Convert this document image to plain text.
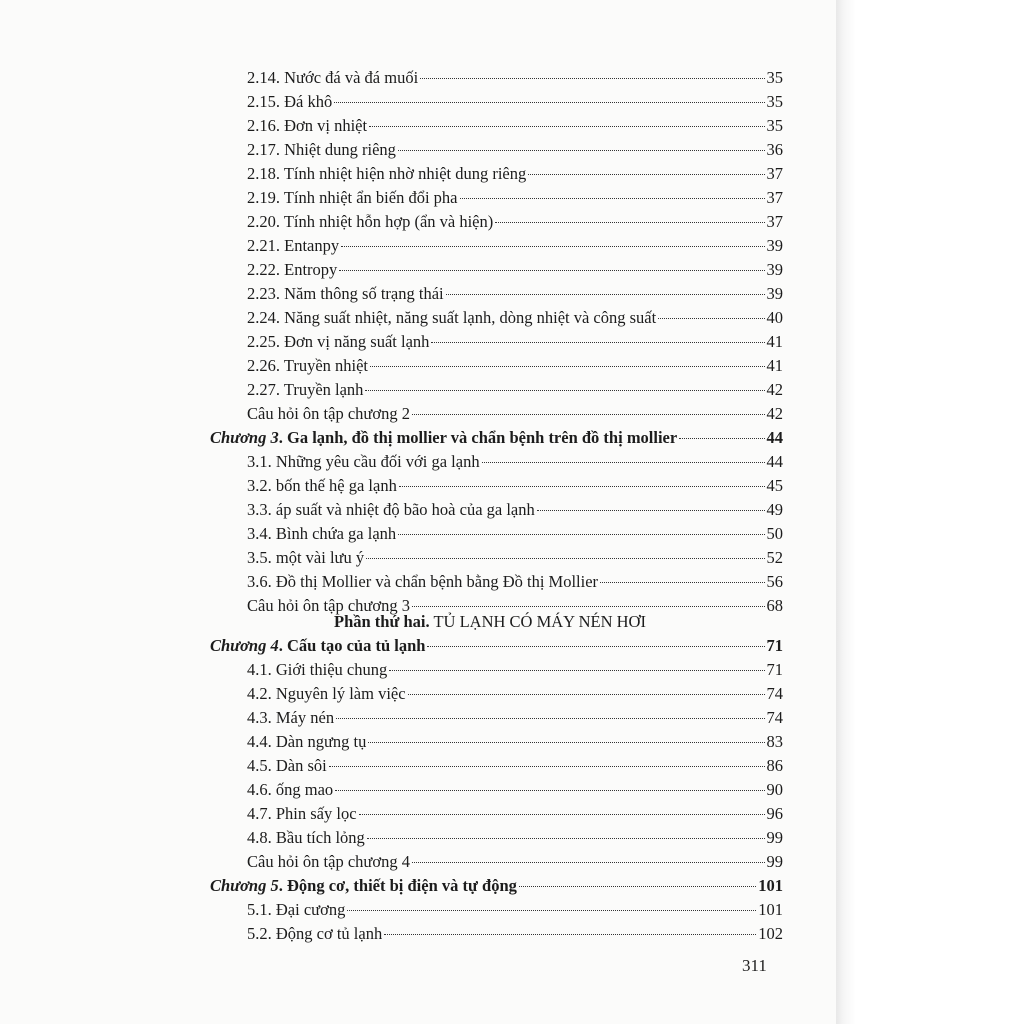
2.14. Nước đá và đá muối	35
2.15. Đá khô	35
2.16. Đơn vị nhiệt	35
2.17. Nhiệt dung riêng	36
2.18. Tính nhiệt hiện nhờ nhiệt dung riêng	37
2.19. Tính nhiệt ẩn biến đổi pha	37
2.20. Tính nhiệt hỗn hợp (ẩn và hiện)	37
2.21. Entanpy	39
2.22. Entropy	39
2.23. Năm thông số trạng thái	39
2.24. Năng suất nhiệt, năng suất lạnh, dòng nhiệt và công suất	40
2.25. Đơn vị năng suất lạnh	41
2.26. Truyền nhiệt	41
2.27. Truyền lạnh	42
Câu hỏi ôn tập chương 2	42
Chương 3. Ga lạnh, đồ thị mollier và chẩn bệnh trên đồ thị mollier	44
3.1. Những yêu cầu đối với ga lạnh	44
3.2. bốn thế hệ ga lạnh	45
3.3. áp suất và nhiệt độ bão hoà của ga lạnh	49
3.4. Bình chứa ga lạnh	50
3.5. một vài lưu ý	52
3.6. Đồ thị Mollier và chẩn bệnh bằng Đồ thị Mollier	56
Câu hỏi ôn tập chương 3	68
Chương 4. Cấu tạo của tủ lạnh	71
4.1. Giới thiệu chung	71
4.2. Nguyên lý làm việc	74
4.3. Máy nén	74
4.4. Dàn ngưng tụ	83
4.5. Dàn sôi	86
4.6. ống mao	90
4.7. Phin sấy lọc	96
4.8. Bầu tích lỏng	99
Câu hỏi ôn tập chương 4	99
Chương 5. Động cơ, thiết bị điện và tự động	101
5.1. Đại cương	101
5.2. Động cơ tủ lạnh	102
Phần thứ hai. TỦ LẠNH CÓ MÁY NÉN HƠI
311
